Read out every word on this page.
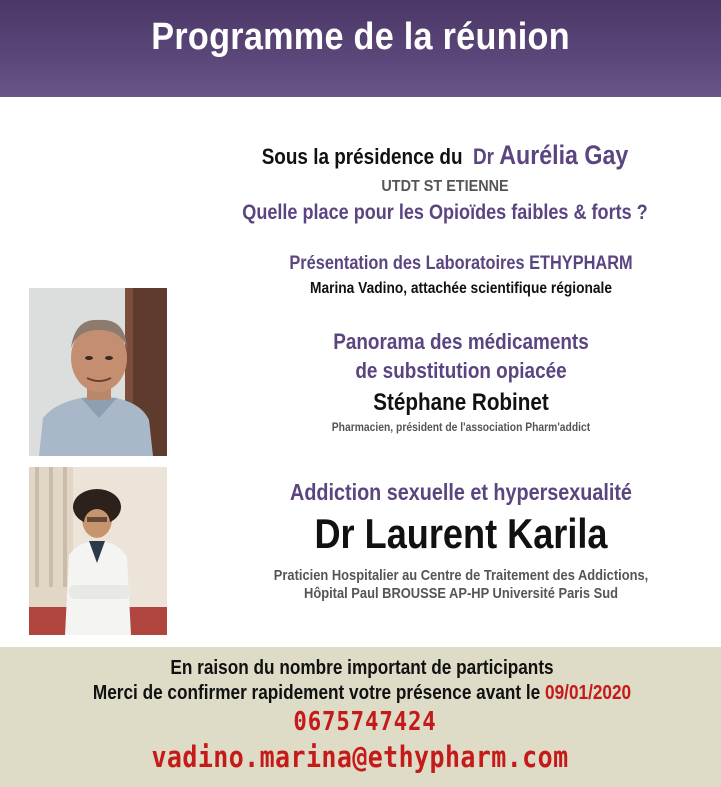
Programme de la réunion
Sous la présidence du Dr Aurélia Gay
UTDT ST ETIENNE
Quelle place pour les Opioïdes faibles & forts ?
Présentation des Laboratoires ETHYPHARM
Marina Vadino, attachée scientifique régionale
Panorama des médicaments
de substitution opiacée
Stéphane Robinet
Pharmacien, président de l'association Pharm'addict
Addiction sexuelle et hypersexualité
Dr Laurent Karila
Praticien Hospitalier au Centre de Traitement des Addictions,
Hôpital Paul BROUSSE AP-HP Université Paris Sud
En raison du nombre important de participants
Merci de confirmer rapidement votre présence avant le 09/01/2020
0675747424
vadino.marina@ethypharm.com
